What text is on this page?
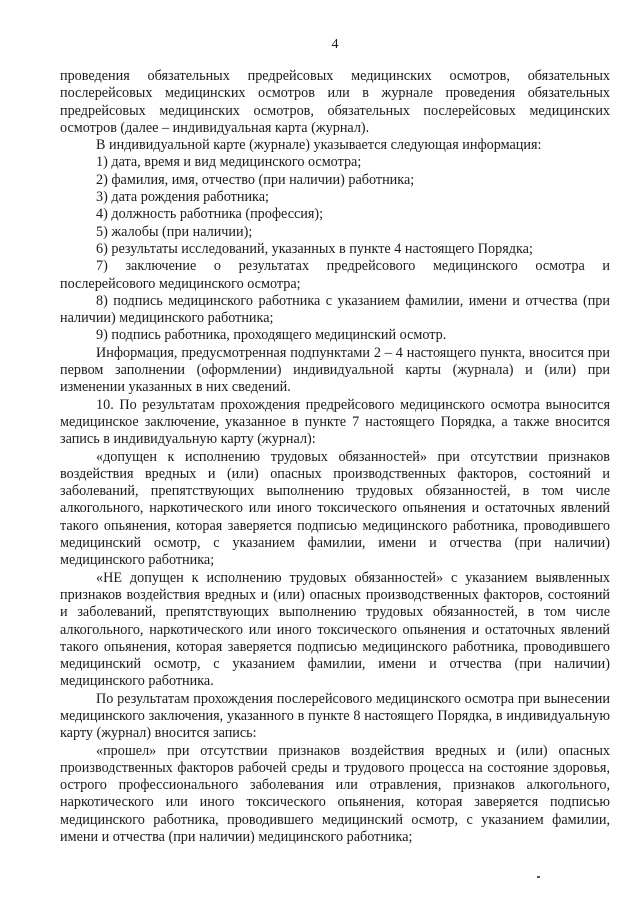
4

проведения обязательных предрейсовых медицинских осмотров, обязательных послерейсовых медицинских осмотров или в журнале проведения обязательных предрейсовых медицинских осмотров, обязательных послерейсовых медицинских осмотров (далее – индивидуальная карта (журнал).

В индивидуальной карте (журнале) указывается следующая информация:

1) дата, время и вид медицинского осмотра;

2) фамилия, имя, отчество (при наличии) работника;

3) дата рождения работника;

4) должность работника (профессия);

5) жалобы (при наличии);

6) результаты исследований, указанных в пункте 4 настоящего Порядка;

7) заключение о результатах предрейсового медицинского осмотра и послерейсового медицинского осмотра;

8) подпись медицинского работника с указанием фамилии, имени и отчества (при наличии) медицинского работника;

9) подпись работника, проходящего медицинский осмотр.

Информация, предусмотренная подпунктами 2 – 4 настоящего пункта, вносится при первом заполнении (оформлении) индивидуальной карты (журнала) и (или) при изменении указанных в них сведений.

10. По результатам прохождения предрейсового медицинского осмотра выносится медицинское заключение, указанное в пункте 7 настоящего Порядка, а также вносится запись в индивидуальную карту (журнал):

«допущен к исполнению трудовых обязанностей» при отсутствии признаков воздействия вредных и (или) опасных производственных факторов, состояний и заболеваний, препятствующих выполнению трудовых обязанностей, в том числе алкогольного, наркотического или иного токсического опьянения и остаточных явлений такого опьянения, которая заверяется подписью медицинского работника, проводившего медицинский осмотр, с указанием фамилии, имени и отчества (при наличии) медицинского работника;

«НЕ допущен к исполнению трудовых обязанностей» с указанием выявленных признаков воздействия вредных и (или) опасных производственных факторов, состояний и заболеваний, препятствующих выполнению трудовых обязанностей, в том числе алкогольного, наркотического или иного токсического опьянения и остаточных явлений такого опьянения, которая заверяется подписью медицинского работника, проводившего медицинский осмотр, с указанием фамилии, имени и отчества (при наличии) медицинского работника.

По результатам прохождения послерейсового медицинского осмотра при вынесении медицинского заключения, указанного в пункте 8 настоящего Порядка, в индивидуальную карту (журнал) вносится запись:

«прошел» при отсутствии признаков воздействия вредных и (или) опасных производственных факторов рабочей среды и трудового процесса на состояние здоровья, острого профессионального заболевания или отравления, признаков алкогольного, наркотического или иного токсического опьянения, которая заверяется подписью медицинского работника, проводившего медицинский осмотр, с указанием фамилии, имени и отчества (при наличии) медицинского работника;
